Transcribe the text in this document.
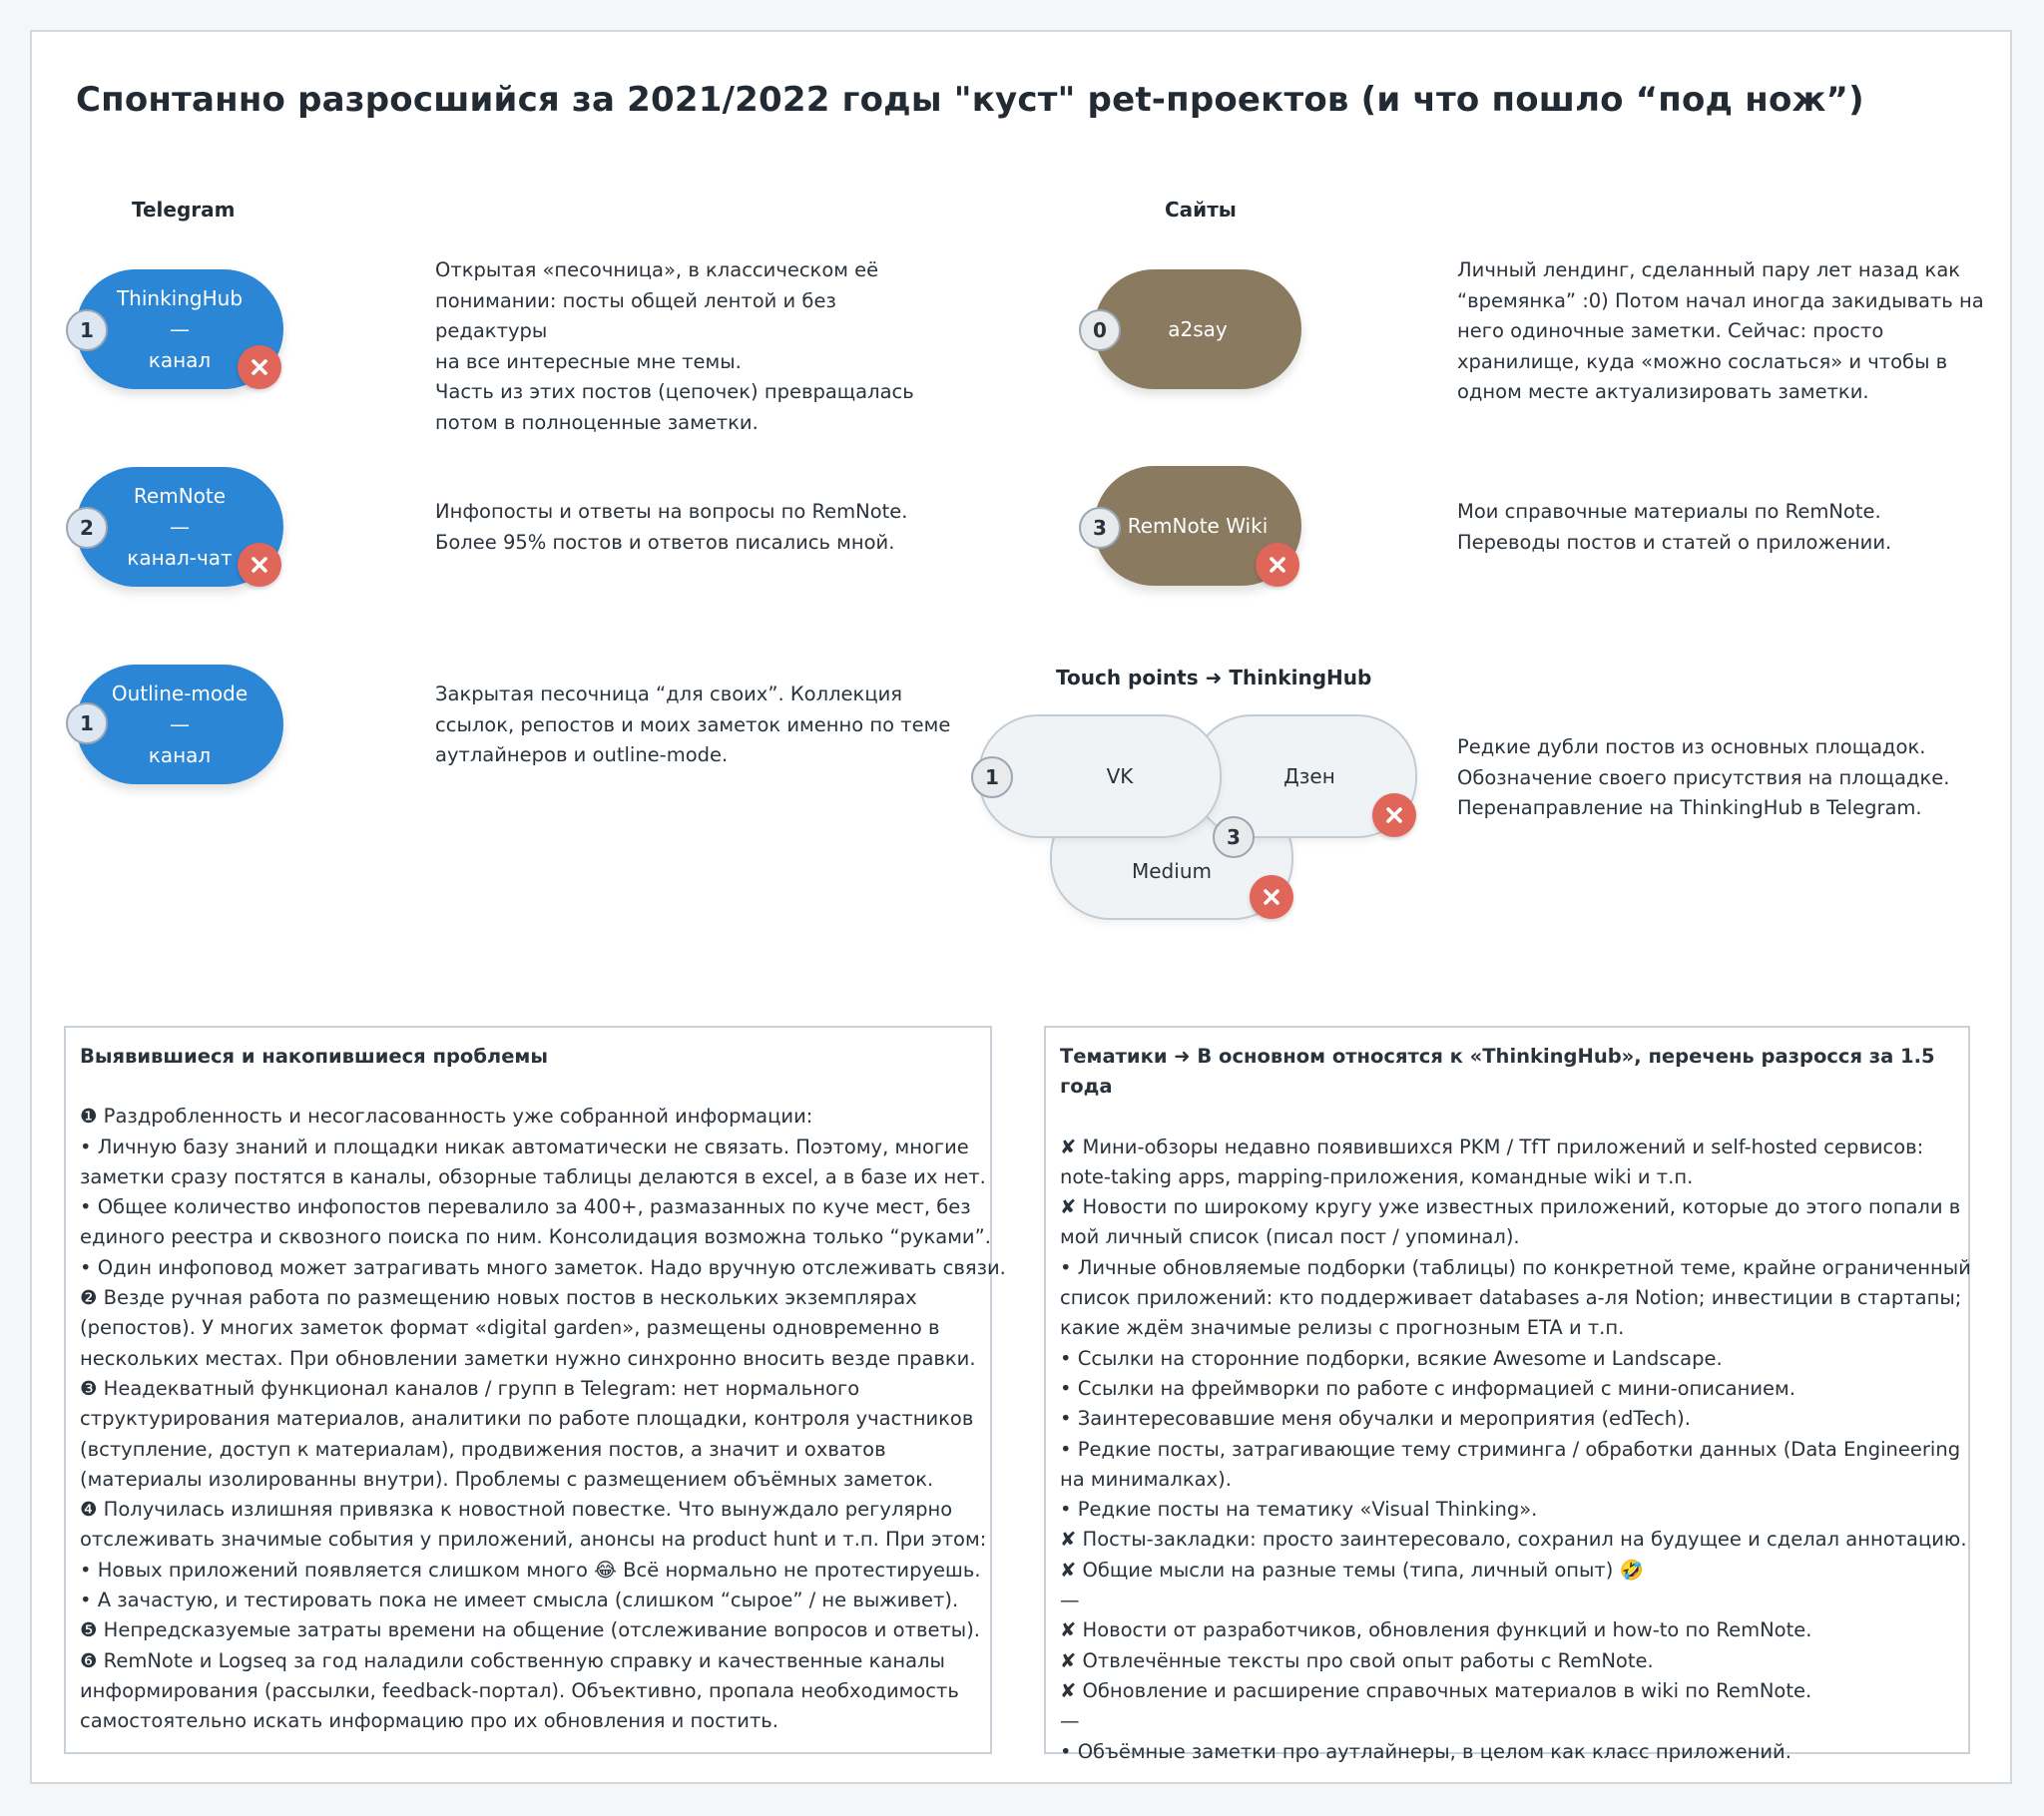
Спонтанно разросшийся за 2021/2022 годы "куст" pet-проектов (и что пошло “под нож”)
Telegram
ThinkingHub
—
канал
1
Открытая «песочница», в классическом её
понимании: посты общей лентой и без редактуры
на все интересные мне темы.
Часть из этих постов (цепочек) превращалась
потом в полноценные заметки.
RemNote
—
канал-чат
2
Инфопосты и ответы на вопросы по RemNote.
Более 95% постов и ответов писались мной.
Outline-mode
—
канал
1
Закрытая песочница “для своих”. Коллекция
ссылок, репостов и моих заметок именно по теме
аутлайнеров и outline-mode.
Сайты
a2say
0
Личный лендинг, сделанный пару лет назад как
“времянка” :0) Потом начал иногда закидывать на
него одиночные заметки. Сейчас: просто
хранилище, куда «можно сослаться» и чтобы в
одном месте актуализировать заметки.
RemNote Wiki
3
Мои справочные материалы по RemNote.
Переводы постов и статей о приложении.
Touch points ➜ ThinkingHub
Medium
Дзен
VK
1
3
Редкие дубли постов из основных площадок.
Обозначение своего присутствия на площадке.
Перенаправление на ThinkingHub в Telegram.
Выявившиеся и накопившиеся проблемы
❶ Раздробленность и несогласованность уже собранной информации:
• Личную базу знаний и площадки никак автоматически не связать. Поэтому, многие
заметки сразу постятся в каналы, обзорные таблицы делаются в excel, а в базе их нет.
• Общее количество инфопостов перевалило за 400+, размазанных по куче мест, без
единого реестра и сквозного поиска по ним. Консолидация возможна только “руками”.
• Один инфоповод может затрагивать много заметок. Надо вручную отслеживать связи.
❷ Везде ручная работа по размещению новых постов в нескольких экземплярах
(репостов). У многих заметок формат «digital garden», размещены одновременно в
нескольких местах. При обновлении заметки нужно синхронно вносить везде правки.
❸ Неадекватный функционал каналов / групп в Telegram: нет нормального
структурирования материалов, аналитики по работе площадки, контроля участников
(вступление, доступ к материалам), продвижения постов, а значит и охватов
(материалы изолированны внутри). Проблемы с размещением объёмных заметок.
❹ Получилась излишняя привязка к новостной повестке. Что вынуждало регулярно
отслеживать значимые события у приложений, анонсы на product hunt и т.п. При этом:
• Новых приложений появляется слишком много 😂 Всё нормально не протестируешь.
• А зачастую, и тестировать пока не имеет смысла (слишком “сырое” / не выживет).
❺ Непредсказуемые затраты времени на общение (отслеживание вопросов и ответы).
❻ RemNote и Logseq за год наладили собственную справку и качественные каналы
информирования (рассылки, feedback-портал). Объективно, пропала необходимость
самостоятельно искать информацию про их обновления и постить.
Тематики ➜ В основном относятся к «ThinkingHub», перечень разросся за 1.5 года
✘ Мини-обзоры недавно появившихся PKM / TfT приложений и self-hosted сервисов:
note-taking apps, mapping-приложения, командные wiki и т.п.
✘ Новости по широкому кругу уже известных приложений, которые до этого попали в
мой личный список (писал пост / упоминал).
• Личные обновляемые подборки (таблицы) по конкретной теме, крайне ограниченный
список приложений: кто поддерживает databases а-ля Notion; инвестиции в стартапы;
какие ждём значимые релизы с прогнозным ETA и т.п.
• Ссылки на сторонние подборки, всякие Awesome и Landscape.
• Ссылки на фреймворки по работе с информацией с мини-описанием.
• Заинтересовавшие меня обучалки и мероприятия (edTech).
• Редкие посты, затрагивающие тему стриминга / обработки данных (Data Engineering
на минималках).
• Редкие посты на тематику «Visual Thinking».
✘ Посты-закладки: просто заинтересовало, сохранил на будущее и сделал аннотацию.
✘ Общие мысли на разные темы (типа, личный опыт) 🤣
—
✘ Новости от разработчиков, обновления функций и how-to по RemNote.
✘ Отвлечённые тексты про свой опыт работы с RemNote.
✘ Обновление и расширение справочных материалов в wiki по RemNote.
—
• Объёмные заметки про аутлайнеры, в целом как класс приложений.
